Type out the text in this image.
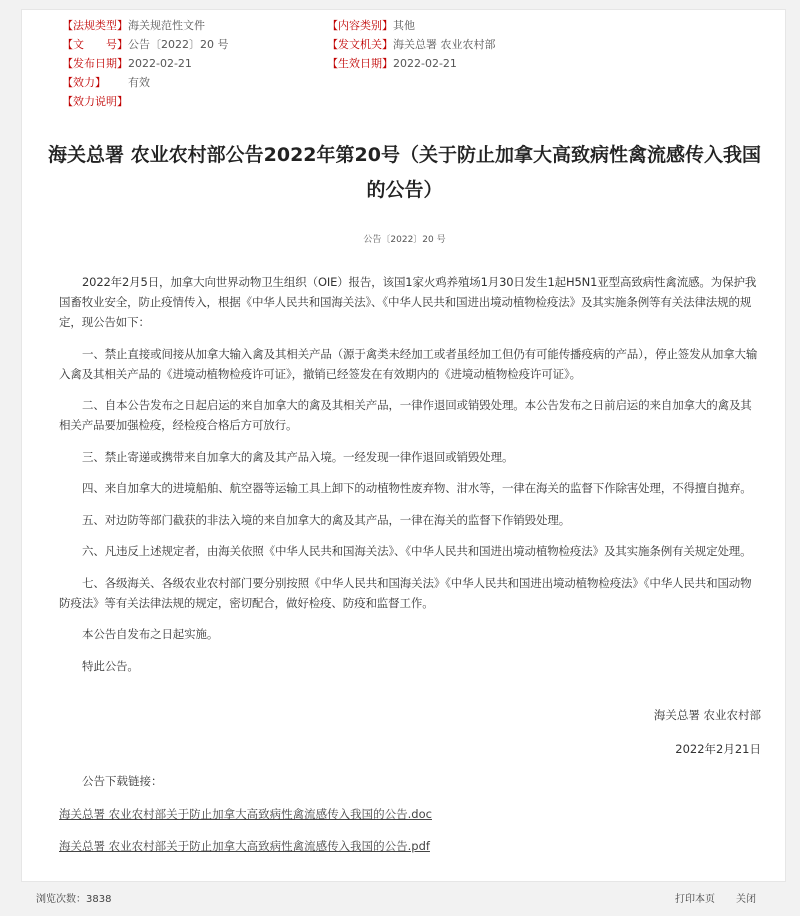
【法规类型】海关规范性文件
【文　　号】公告〔2022〕20 号
【发布日期】2022-02-21
【效力】 有效
【效力说明】
【内容类别】其他
【发文机关】海关总署 农业农村部
【生效日期】2022-02-21
海关总署 农业农村部公告2022年第20号（关于防止加拿大高致病性禽流感传入我国的公告）
公告〔2022〕20 号

2022年2月5日，加拿大向世界动物卫生组织（OIE）报告，该国1家火鸡养殖场1月30日发生1起H5N1亚型高致病性禽流感。为保护我国畜牧业安全，防止疫情传入，根据《中华人民共和国海关法》、《中华人民共和国进出境动植物检疫法》及其实施条例等有关法律法规的规定，现公告如下：

一、禁止直接或间接从加拿大输入禽及其相关产品（源于禽类未经加工或者虽经加工但仍有可能传播疫病的产品），停止签发从加拿大输入禽及其相关产品的《进境动植物检疫许可证》，撤销已经签发在有效期内的《进境动植物检疫许可证》。

二、自本公告发布之日起启运的来自加拿大的禽及其相关产品，一律作退回或销毁处理。本公告发布之日前启运的来自加拿大的禽及其相关产品要加强检疫，经检疫合格后方可放行。

三、禁止寄递或携带来自加拿大的禽及其产品入境。一经发现一律作退回或销毁处理。

四、来自加拿大的进境船舶、航空器等运输工具上卸下的动植物性废弃物、泔水等，一律在海关的监督下作除害处理，不得擅自抛弃。

五、对边防等部门截获的非法入境的来自加拿大的禽及其产品，一律在海关的监督下作销毁处理。

六、凡违反上述规定者，由海关依照《中华人民共和国海关法》、《中华人民共和国进出境动植物检疫法》及其实施条例有关规定处理。

七、各级海关、各级农业农村部门要分别按照《中华人民共和国海关法》《中华人民共和国进出境动植物检疫法》《中华人民共和国动物防疫法》等有关法律法规的规定，密切配合，做好检疫、防疫和监督工作。

本公告自发布之日起实施。

特此公告。

海关总署 农业农村部
2022年2月21日
公告下载链接：
海关总署 农业农村部关于防止加拿大高致病性禽流感传入我国的公告.doc
海关总署 农业农村部关于防止加拿大高致病性禽流感传入我国的公告.pdf
浏览次数：3838	打印本页 关闭
